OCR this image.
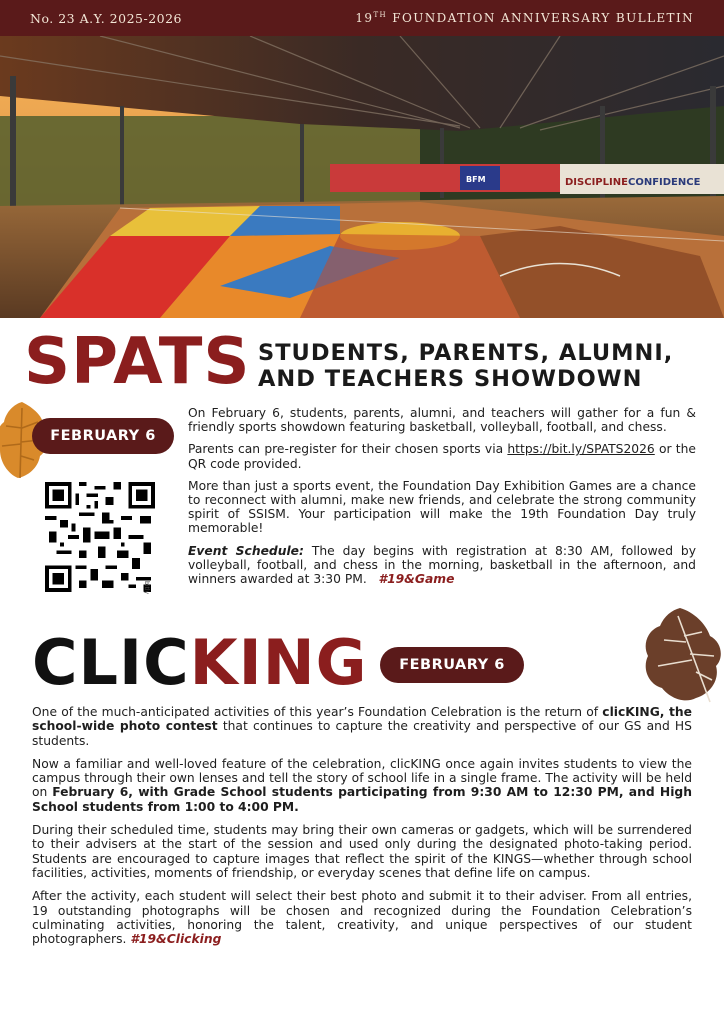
No. 23 A.Y. 2025-2026	19TH FOUNDATION ANNIVERSARY BULLETIN
DISCIPLINE CONFIDENCE
BFM
SPATS STUDENTS, PARENTS, ALUMNI,
AND TEACHERS SHOWDOWN
FEBRUARY 6
bitly

On February 6, students, parents, alumni, and teachers will gather for a fun & friendly sports showdown featuring basketball, volleyball, football, and chess.

Parents can pre-register for their chosen sports via https://bit.ly/SPATS2026 or the QR code provided.

More than just a sports event, the Foundation Day Exhibition Games are a chance to reconnect with alumni, make new friends, and celebrate the strong community spirit of SSISM. Your participation will make the 19th Foundation Day truly memorable!

Event Schedule: The day begins with registration at 8:30 AM, followed by volleyball, football, and chess in the morning, basketball in the afternoon, and winners awarded at 3:30 PM. #19&Game

CLICKING	FEBRUARY 6

One of the much-anticipated activities of this year’s Foundation Celebration is the return of clicKING, the school-wide photo contest that continues to capture the creativity and perspective of our GS and HS students.

Now a familiar and well-loved feature of the celebration, clicKING once again invites students to view the campus through their own lenses and tell the story of school life in a single frame. The activity will be held on February 6, with Grade School students participating from 9:30 AM to 12:30 PM, and High School students from 1:00 to 4:00 PM.

During their scheduled time, students may bring their own cameras or gadgets, which will be surrendered to their advisers at the start of the session and used only during the designated photo-taking period. Students are encouraged to capture images that reflect the spirit of the KINGS—whether through school facilities, activities, moments of friendship, or everyday scenes that define life on campus.

After the activity, each student will select their best photo and submit it to their adviser. From all entries, 19 outstanding photographs will be chosen and recognized during the Foundation Celebration’s culminating activities, honoring the talent, creativity, and unique perspectives of our student photographers. #19&Clicking
